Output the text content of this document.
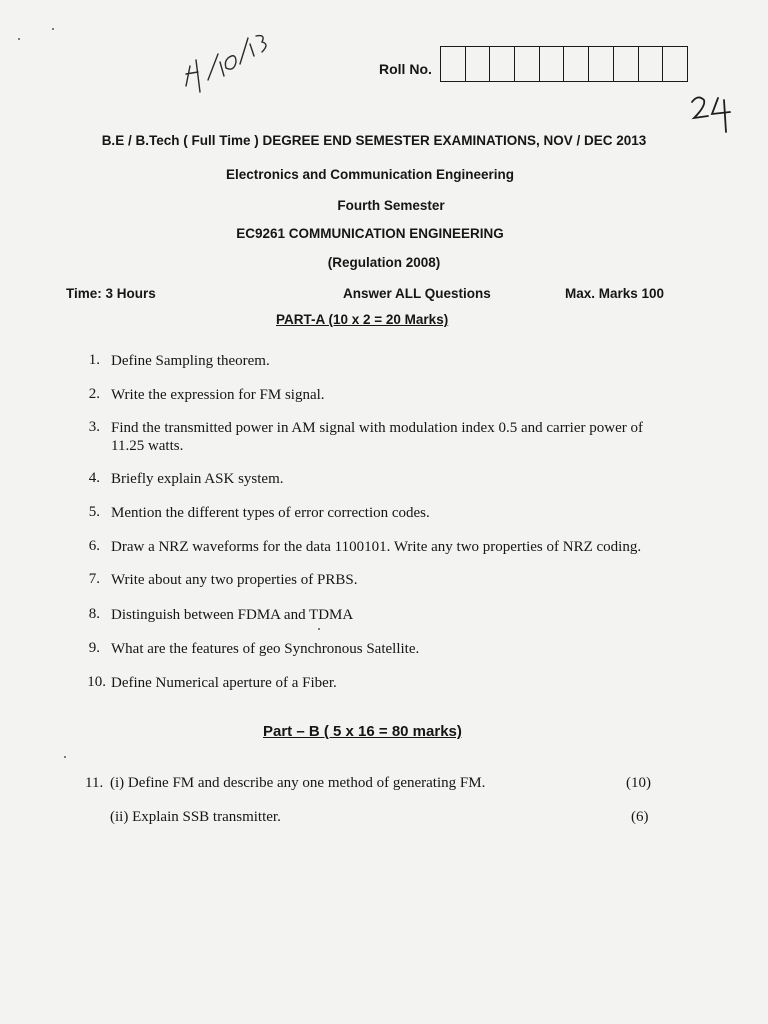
Roll No.
B.E / B.Tech ( Full Time ) DEGREE END SEMESTER EXAMINATIONS, NOV / DEC 2013
Electronics and Communication Engineering
Fourth Semester
EC9261 COMMUNICATION ENGINEERING
(Regulation 2008)
Time: 3 Hours	Answer ALL Questions	Max. Marks 100
PART-A (10 x 2 = 20 Marks)
1. Define Sampling theorem.
2. Write the expression for FM signal.
3. Find the transmitted power in AM signal with modulation index 0.5 and carrier power of 11.25 watts.
4. Briefly explain ASK system.
5. Mention the different types of error correction codes.
6. Draw a NRZ waveforms for the data 1100101. Write any two properties of NRZ coding.
7. Write about any two properties of PRBS.
8. Distinguish between FDMA and TDMA
9. What are the features of geo Synchronous Satellite.
10. Define Numerical aperture of a Fiber.
Part – B ( 5 x 16 = 80 marks)
11. (i) Define FM and describe any one method of generating FM.	(10)
(ii) Explain SSB transmitter.	(6)
